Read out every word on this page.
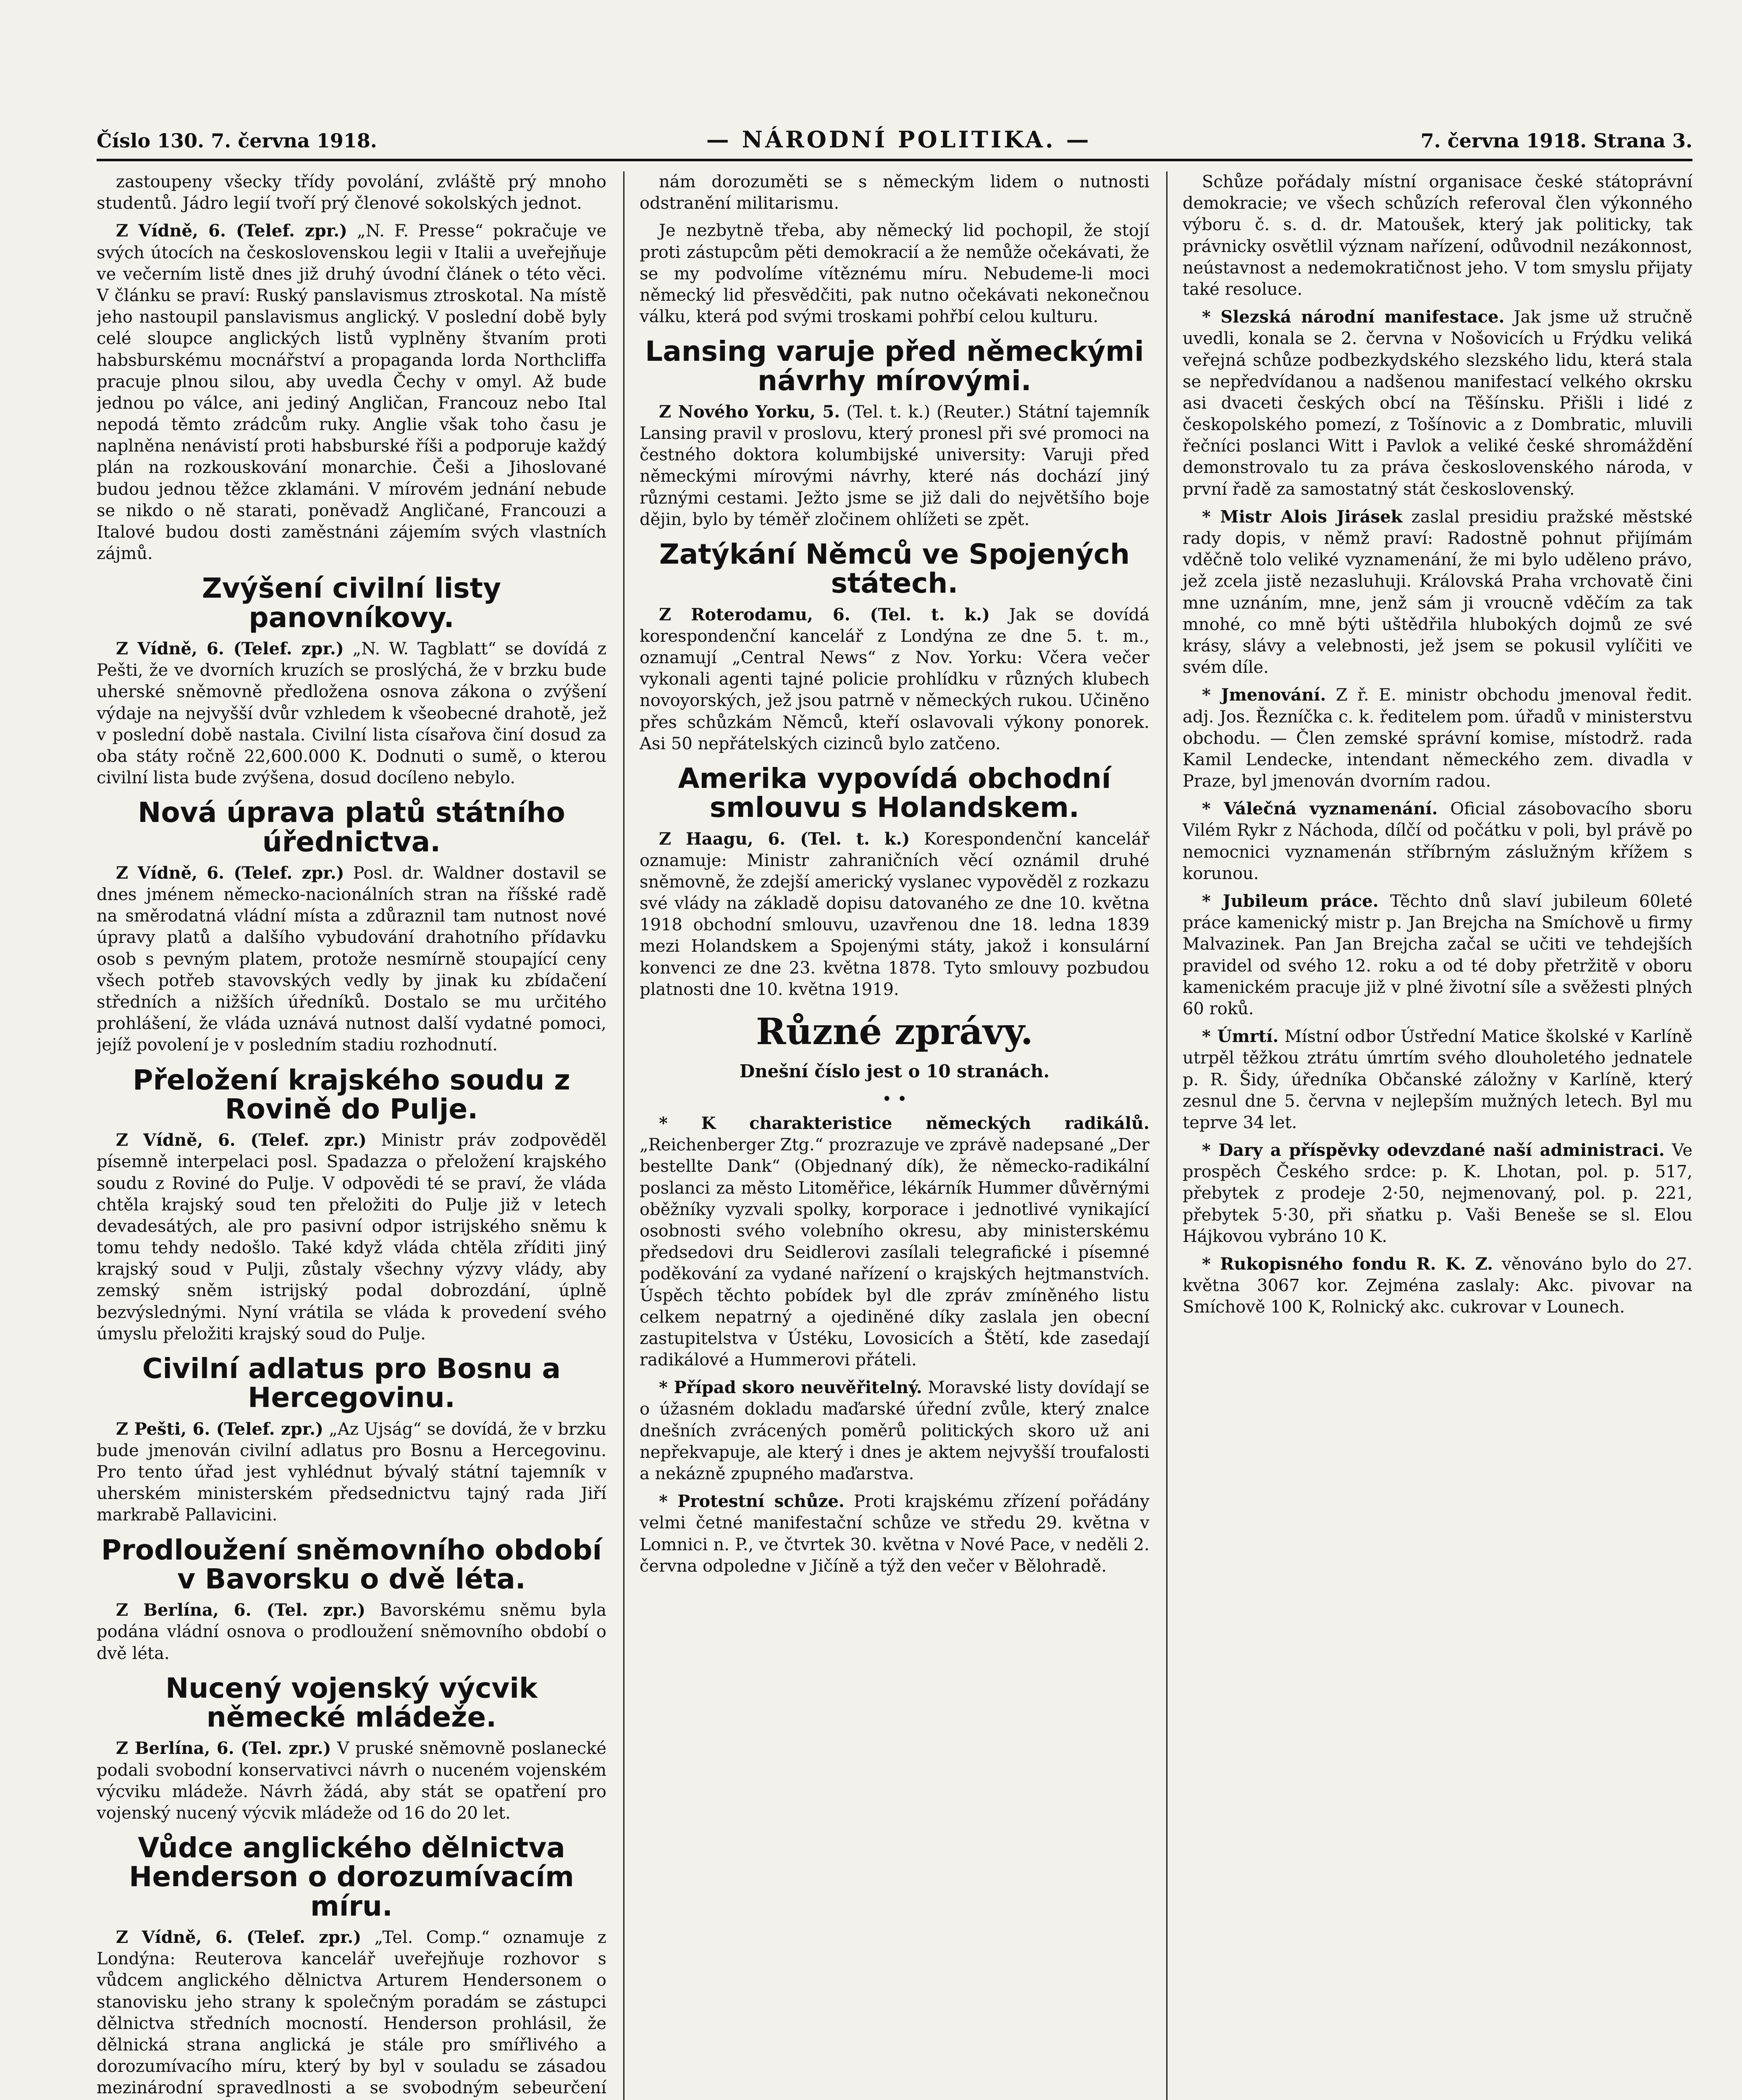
Číslo 130. 7. června 1918.	— NÁRODNÍ POLITIKA. —	7. června 1918. Strana 3.

zastoupeny všecky třídy povolání, zvláště prý mnoho studentů. Jádro legií tvoří prý členové sokolských jednot.

Z Vídně, 6. (Telef. zpr.) „N. F. Presse“ pokračuje ve svých útocích na československou legii v Italii a uveřejňuje ve večerním listě dnes již druhý úvodní článek o této věci. V článku se praví: Ruský panslavismus ztroskotal. Na místě jeho nastoupil panslavismus anglický. V poslední době byly celé sloupce anglických listů vyplněny štvaním proti habsburskému mocnářství a propaganda lorda Northcliffa pracuje plnou silou, aby uvedla Čechy v omyl. Až bude jednou po válce, ani jediný Angličan, Francouz nebo Ital nepodá těmto zrádcům ruky. Anglie však toho času je naplněna nenávistí proti habsburské říši a podporuje každý plán na rozkouskování monarchie. Češi a Jihoslované budou jednou těžce zklamáni. V mírovém jednání nebude se nikdo o ně starati, poněvadž Angličané, Francouzi a Italové budou dosti zaměstnáni zájemím svých vlastních zájmů.

Zvýšení civilní listy panovníkovy.

Z Vídně, 6. (Telef. zpr.) „N. W. Tagblatt“ se dovídá z Pešti, že ve dvorních kruzích se proslýchá, že v brzku bude uherské sněmovně předložena osnova zákona o zvýšení výdaje na nejvyšší dvůr vzhledem k všeobecné drahotě, jež v poslední době nastala. Civilní lista císařova činí dosud za oba státy ročně 22,600.000 K. Dodnuti o sumě, o kterou civilní lista bude zvýšena, dosud docíleno nebylo.

Nová úprava platů státního úřednictva.

Z Vídně, 6. (Telef. zpr.) Posl. dr. Waldner dostavil se dnes jménem německo-nacionálních stran na říšské radě na směrodatná vládní místa a zdůraznil tam nutnost nové úpravy platů a dalšího vybudování drahotního přídavku osob s pevným platem, protože nesmírně stoupající ceny všech potřeb stavovských vedly by jinak ku zbídačení středních a nižších úředníků. Dostalo se mu určitého prohlášení, že vláda uznává nutnost další vydatné pomoci, jejíž povolení je v posledním stadiu rozhodnutí.

Přeložení krajského soudu z Rovině do Pulje.

Z Vídně, 6. (Telef. zpr.) Ministr práv zodpověděl písemně interpelaci posl. Spadazza o přeložení krajského soudu z Roviné do Pulje. V odpovědi té se praví, že vláda chtěla krajský soud ten přeložiti do Pulje již v letech devadesátých, ale pro pasivní odpor istrijského sněmu k tomu tehdy nedošlo. Také když vláda chtěla zříditi jiný krajský soud v Pulji, zůstaly všechny výzvy vlády, aby zemský sněm istrijský podal dobrozdání, úplně bezvýslednými. Nyní vrátila se vláda k provedení svého úmyslu přeložiti krajský soud do Pulje.

Civilní adlatus pro Bosnu a Hercegovinu.

Z Pešti, 6. (Telef. zpr.) „Az Ujság“ se dovídá, že v brzku bude jmenován civilní adlatus pro Bosnu a Hercegovinu. Pro tento úřad jest vyhlédnut bývalý státní tajemník v uherském ministerském předsednictvu tajný rada Jiří markrabě Pallavicini.

Prodloužení sněmovního období v Bavorsku o dvě léta.

Z Berlína, 6. (Tel. zpr.) Bavorskému sněmu byla podána vládní osnova o prodloužení sněmovního období o dvě léta.

Nucený vojenský výcvik německé mládeže.

Z Berlína, 6. (Tel. zpr.) V pruské sněmovně poslanecké podali svobodní konservativci návrh o nuceném vojenském výcviku mládeže. Návrh žádá, aby stát se opatření pro vojenský nucený výcvik mládeže od 16 do 20 let.

Vůdce anglického dělnictva Henderson o dorozumívacím míru.

Z Vídně, 6. (Telef. zpr.) „Tel. Comp.“ oznamuje z Londýna: Reuterova kancelář uveřejňuje rozhovor s vůdcem anglického dělnictva Arturem Hendersonem o stanovisku jeho strany k společným poradám se zástupci dělnictva středních mocností. Henderson prohlásil, že dělnická strana anglická je stále pro smířlivého a dorozumívacího míru, který by byl v souladu se zásadou mezinárodní spravedlnosti a se svobodným sebeurčení

nám dorozuměti se s německým lidem o nutnosti odstranění militarismu.

Je nezbytně třeba, aby německý lid pochopil, že stojí proti zástupcům pěti demokracií a že nemůže očekávati, že se my podvolíme vítěznému míru. Nebudeme-li moci německý lid přesvědčiti, pak nutno očekávati nekonečnou válku, která pod svými troskami pohřbí celou kulturu.

Lansing varuje před německými návrhy mírovými.

Z Nového Yorku, 5. (Tel. t. k.) (Reuter.) Státní tajemník Lansing pravil v proslovu, který pronesl při své promoci na čestného doktora kolumbijské university: Varuji před německými mírovými návrhy, které nás dochází jiný různými cestami. Ježto jsme se již dali do největšího boje dějin, bylo by téměř zločinem ohlížeti se zpět.

Zatýkání Němců ve Spojených státech.

Z Roterodamu, 6. (Tel. t. k.) Jak se dovídá korespondenční kancelář z Londýna ze dne 5. t. m., oznamují „Central News“ z Nov. Yorku: Včera večer vykonali agenti tajné policie prohlídku v různých klubech novoyorských, jež jsou patrně v německých rukou. Učiněno přes schůzkám Němců, kteří oslavovali výkony ponorek. Asi 50 nepřátelských cizinců bylo zatčeno.

Amerika vypovídá obchodní smlouvu s Holandskem.

Z Haagu, 6. (Tel. t. k.) Korespondenční kancelář oznamuje: Ministr zahraničních věcí oznámil druhé sněmovně, že zdejší americký vyslanec vypověděl z rozkazu své vlády na základě dopisu datovaného ze dne 10. května 1918 obchodní smlouvu, uzavřenou dne 18. ledna 1839 mezi Holandskem a Spojenými státy, jakož i konsulární konvenci ze dne 23. května 1878. Tyto smlouvy pozbudou platnosti dne 10. května 1919.

Různé zprávy.
Dnešní číslo jest o 10 stranách.
• •

* K charakteristice německých radikálů. „Reichenberger Ztg.“ prozrazuje ve zprávě nadepsané „Der bestellte Dank“ (Objednaný dík), že německo-radikální poslanci za město Litoměřice, lékárník Hummer důvěrnými oběžníky vyzvali spolky, korporace i jednotlivé vynikající osobnosti svého volebního okresu, aby ministerskému předsedovi dru Seidlerovi zasílali telegrafické i písemné poděkování za vydané nařízení o krajských hejtmanstvích. Úspěch těchto pobídek byl dle zpráv zmíněného listu celkem nepatrný a ojediněné díky zaslala jen obecní zastupitelstva v Ústéku, Lovosicích a Štětí, kde zasedají radikálové a Hummerovi přáteli.

* Případ skoro neuvěřitelný. Moravské listy dovídají se o úžasném dokladu maďarské úřední zvůle, který znalce dnešních zvrácených poměrů politických skoro už ani nepřekvapuje, ale který i dnes je aktem nejvyšší troufalosti a nekázně zpupného maďarstva.

* Protestní schůze. Proti krajskému zřízení pořádány velmi četné manifestační schůze ve středu 29. května v Lomnici n. P., ve čtvrtek 30. května v Nové Pace, v neděli 2. června odpoledne v Jičíně a týž den večer v Bělohradě.

Schůze pořádaly místní organisace české státoprávní demokracie; ve všech schůzích referoval člen výkonného výboru č. s. d. dr. Matoušek, který jak politicky, tak právnicky osvětlil význam nařízení, odůvodnil nezákonnost, neústavnost a nedemokratičnost jeho. V tom smyslu přijaty také resoluce.

* Slezská národní manifestace. Jak jsme už stručně uvedli, konala se 2. června v Nošovicích u Frýdku veliká veřejná schůze podbezkydského slezského lidu, která stala se nepředvídanou a nadšenou manifestací velkého okrsku asi dvaceti českých obcí na Těšínsku. Přišli i lidé z českopolského pomezí, z Tošínovic a z Dombratic, mluvili řečníci poslanci Witt i Pavlok a veliké české shromáždění demonstrovalo tu za práva československého národa, v první řadě za samostatný stát československý.

* Mistr Alois Jirásek zaslal presidiu pražské městské rady dopis, v němž praví: Radostně pohnut přijímám vděčně tolo veliké vyznamenání, že mi bylo uděleno právo, jež zcela jistě nezasluhuji. Královská Praha vrchovatě čini mne uznáním, mne, jenž sám ji vroucně vděčím za tak mnohé, co mně býti uštědřila hlubokých dojmů ze své krásy, slávy a velebnosti, jež jsem se pokusil vylíčiti ve svém díle.

* Jmenování. Z ř. E. ministr obchodu jmenoval ředit. adj. Jos. Řezníčka c. k. ředitelem pom. úřadů v ministerstvu obchodu. — Člen zemské správní komise, místodrž. rada Kamil Lendecke, intendant německého zem. divadla v Praze, byl jmenován dvorním radou.

* Válečná vyznamenání. Oficial zásobovacího sboru Vilém Rykr z Náchoda, dílčí od počátku v poli, byl právě po nemocnici vyznamenán stříbrným záslužným křížem s korunou.

* Jubileum práce. Těchto dnů slaví jubileum 60leté práce kamenický mistr p. Jan Brejcha na Smíchově u firmy Malvazinek. Pan Jan Brejcha začal se učiti ve tehdejších pravidel od svého 12. roku a od té doby přetržitě v oboru kamenickém pracuje již v plné životní síle a svěžesti plných 60 roků.

* Úmrtí. Místní odbor Ústřední Matice školské v Karlíně utrpěl těžkou ztrátu úmrtím svého dlouholetého jednatele p. R. Šidy, úředníka Občanské záložny v Karlíně, který zesnul dne 5. června v nejlepším mužných letech. Byl mu teprve 34 let.

* Dary a příspěvky odevzdané naší administraci. Ve prospěch Českého srdce: p. K. Lhotan, pol. p. 517, přebytek z prodeje 2·50, nejmenovaný, pol. p. 221, přebytek 5·30, při sňatku p. Vaši Beneše se sl. Elou Hájkovou vybráno 10 K.

* Rukopisného fondu R. K. Z. věnováno bylo do 27. května 3067 kor. Zejména zaslaly: Akc. pivovar na Smíchově 100 K, Rolnický akc. cukrovar v Lounech.
